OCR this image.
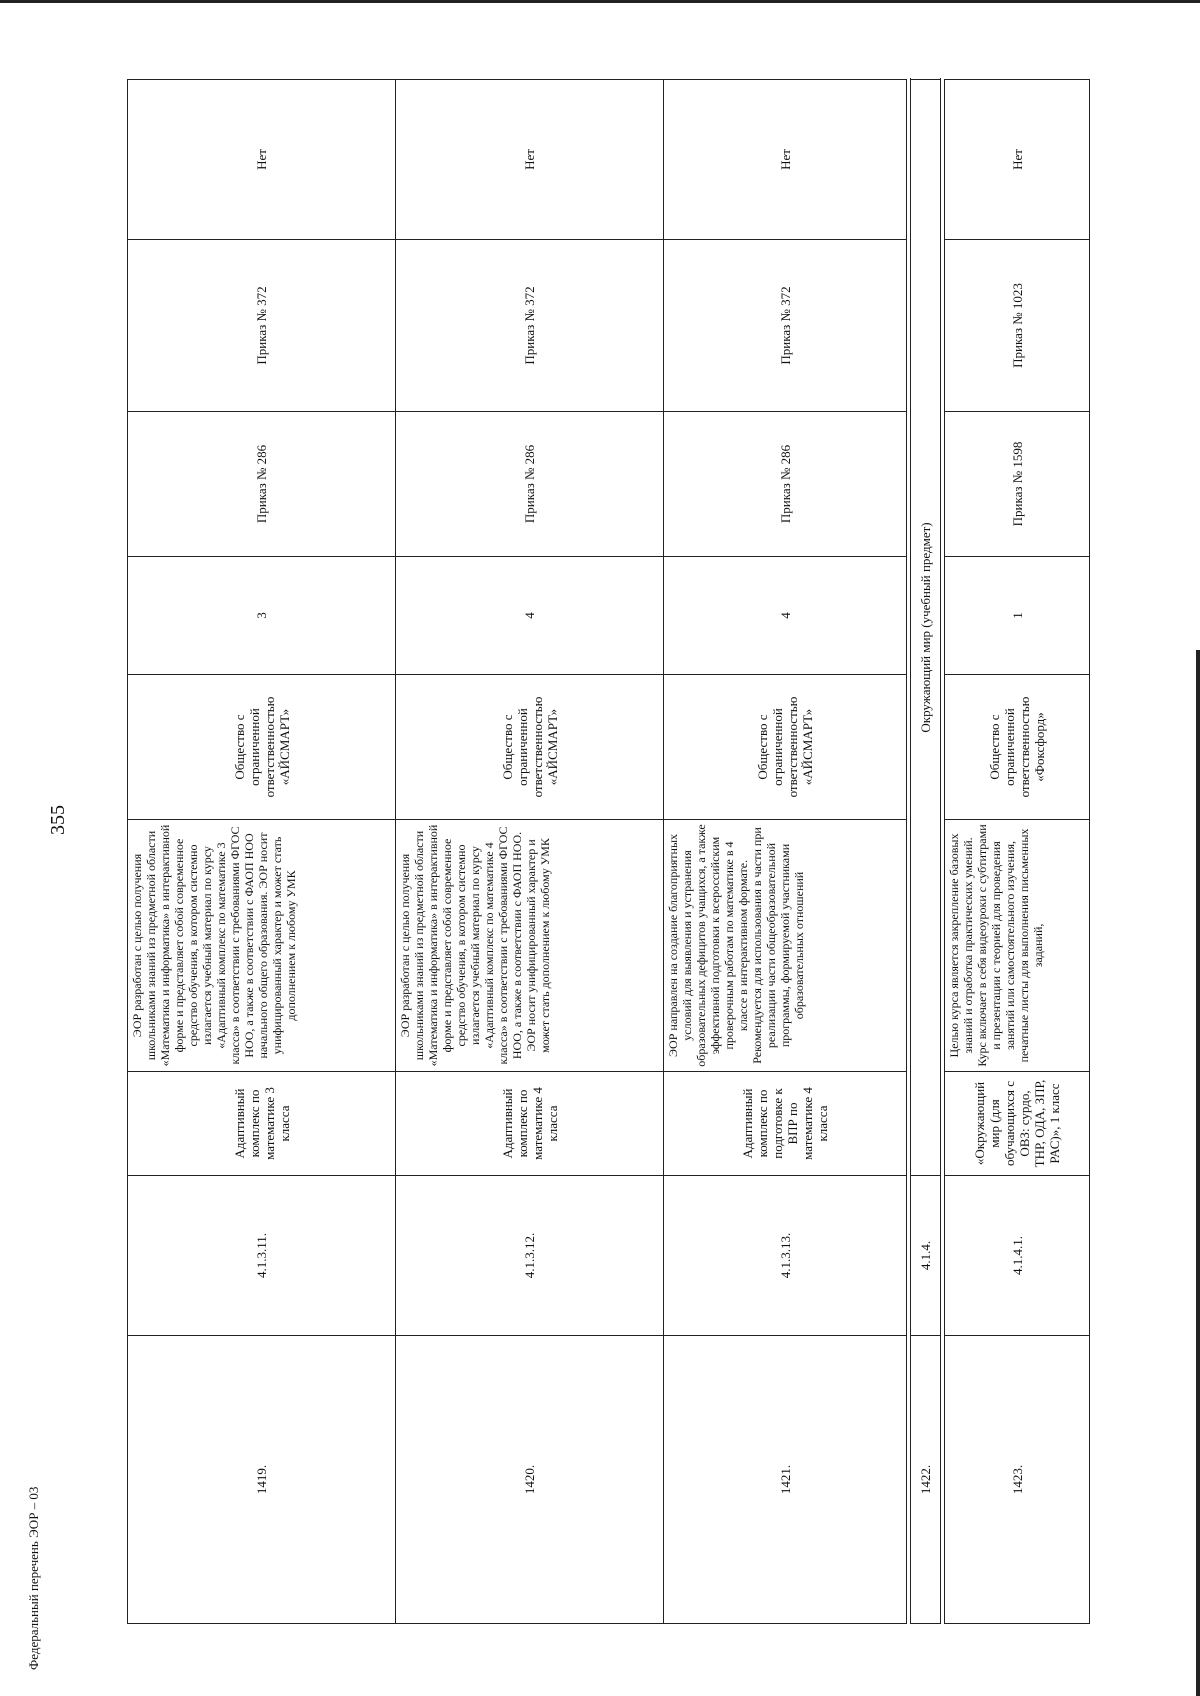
355
1419.	4.1.3.11.	Адаптивный комплекс по математике 3 класса	ЭОР разработан с целью получения школьниками знаний из предметной области «Математика и информатика» в интерактивной форме и представляет собой современное средство обучения, в котором системно излагается учебный материал по курсу «Адаптивный комплекс по математике 3 класса» в соответствии с требованиями ФГОС НОО, а также в соответствии с ФАОП НОО начального общего образования. ЭОР носит унифицированный характер и может стать дополнением к любому УМК	Общество с ограниченной ответственностью «АЙСМАРТ»	3	Приказ № 286	Приказ № 372	Нет	

1420.	4.1.3.12.	Адаптивный комплекс по математике 4 класса	ЭОР разработан с целью получения школьниками знаний из предметной области «Математика и информатика» в интерактивной форме и представляет собой современное средство обучения, в котором системно излагается учебный материал по курсу «Адаптивный комплекс по математике 4 класса» в соответствии с требованиями ФГОС НОО, а также в соответствии с ФАОП НОО. ЭОР носит унифицированный характер и может стать дополнением к любому УМК	Общество с ограниченной ответственностью «АЙСМАРТ»	4	Приказ № 286	Приказ № 372	Нет	

1421.	4.1.3.13.	Адаптивный комплекс по подготовке к ВПР по математике 4 класса	ЭОР направлен на создание благоприятных условий для выявления и устранения образовательных дефицитов учащихся, а также эффективной подготовки к всероссийским проверочным работам по математике в 4 классе в интерактивном формате. Рекомендуется для использования в части при реализации части общеобразовательной программы, формируемой участниками образовательных отношений	Общество с ограниченной ответственностью «АЙСМАРТ»	4	Приказ № 286	Приказ № 372	Нет	

1422.	4.1.4.	Окружающий мир (учебный предмет)							

1423.	4.1.4.1.	«Окружающий мир (для обучающихся с ОВЗ: сурдо, ТНР, ОДА, ЗПР, РАС)», 1 класс	Целью курса является закрепление базовых знаний и отработка практических умений. Курс включает в себя видеоуроки с субтитрами и презентации с теорией для проведения занятий или самостоятельного изучения, печатные листы для выполнения письменных заданий,	Общество с ограниченной ответственностью «Фоксфорд»	1	Приказ № 1598	Приказ № 1023	Нет	

Федеральный перечень ЭОР – 03
